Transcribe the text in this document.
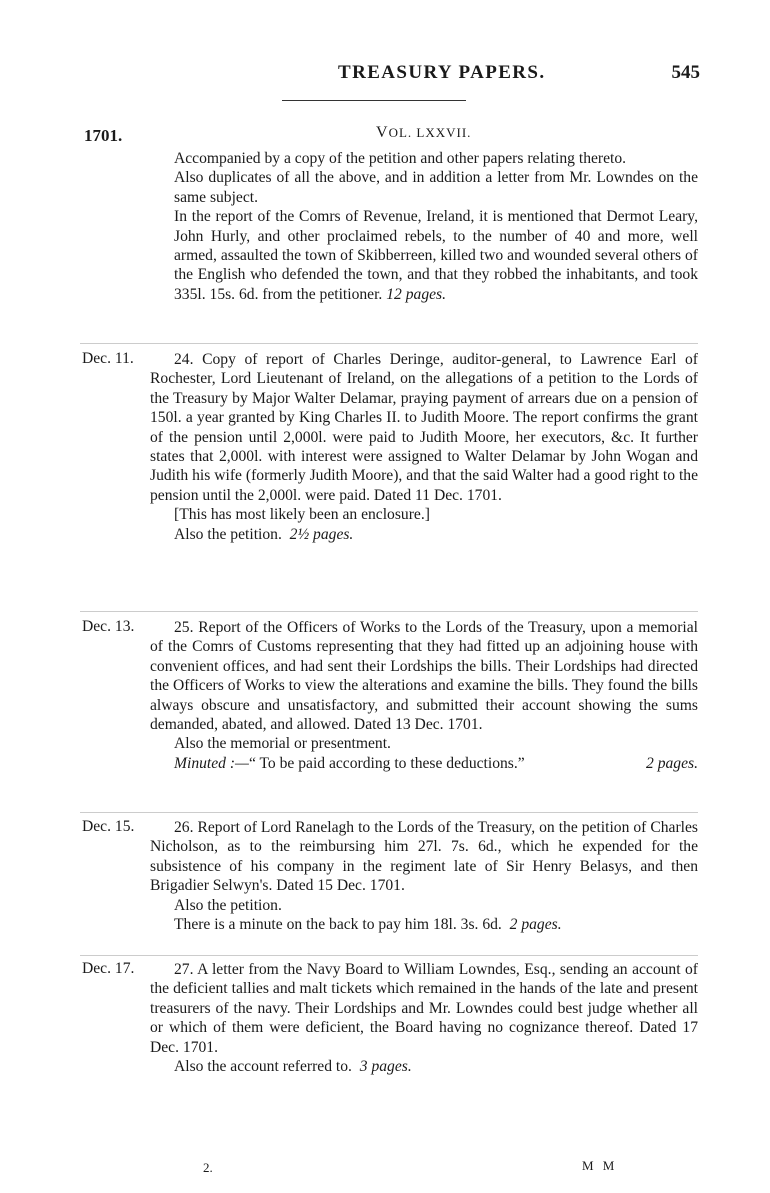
TREASURY PAPERS.	545
1701.	VOL. LXXVII.

Accompanied by a copy of the petition and other papers relating thereto.

Also duplicates of all the above, and in addition a letter from Mr. Lowndes on the same subject.

In the report of the Comrs of Revenue, Ireland, it is mentioned that Dermot Leary, John Hurly, and other proclaimed rebels, to the number of 40 and more, well armed, assaulted the town of Skibberreen, killed two and wounded several others of the English who defended the town, and that they robbed the inhabitants, and took 335l. 15s. 6d. from the petitioner. 12 pages.

Dec. 11.	24. Copy of report of Charles Deringe, auditor-general, to Lawrence Earl of Rochester, Lord Lieutenant of Ireland, on the allegations of a petition to the Lords of the Treasury by Major Walter Delamar, praying payment of arrears due on a pension of 150l. a year granted by King Charles II. to Judith Moore. The report confirms the grant of the pension until 2,000l. were paid to Judith Moore, her executors, &c. It further states that 2,000l. with interest were assigned to Walter Delamar by John Wogan and Judith his wife (formerly Judith Moore), and that the said Walter had a good right to the pension until the 2,000l. were paid. Dated 11 Dec. 1701.

[This has most likely been an enclosure.]

Also the petition. 2½ pages.

Dec. 13.	25. Report of the Officers of Works to the Lords of the Treasury, upon a memorial of the Comrs of Customs representing that they had fitted up an adjoining house with convenient offices, and had sent their Lordships the bills. Their Lordships had directed the Officers of Works to view the alterations and examine the bills. They found the bills always obscure and unsatisfactory, and submitted their account showing the sums demanded, abated, and allowed. Dated 13 Dec. 1701.

Also the memorial or presentment.

Minuted :—“ To be paid according to these deductions.”	2 pages.

Dec. 15.	26. Report of Lord Ranelagh to the Lords of the Treasury, on the petition of Charles Nicholson, as to the reimbursing him 27l. 7s. 6d., which he expended for the subsistence of his company in the regiment late of Sir Henry Belasys, and then Brigadier Selwyn's. Dated 15 Dec. 1701.

Also the petition.

There is a minute on the back to pay him 18l. 3s. 6d. 2 pages.

Dec. 17.	27. A letter from the Navy Board to William Lowndes, Esq., sending an account of the deficient tallies and malt tickets which remained in the hands of the late and present treasurers of the navy. Their Lordships and Mr. Lowndes could best judge whether all or which of them were deficient, the Board having no cognizance thereof. Dated 17 Dec. 1701.

Also the account referred to. 3 pages.

2.	M M
